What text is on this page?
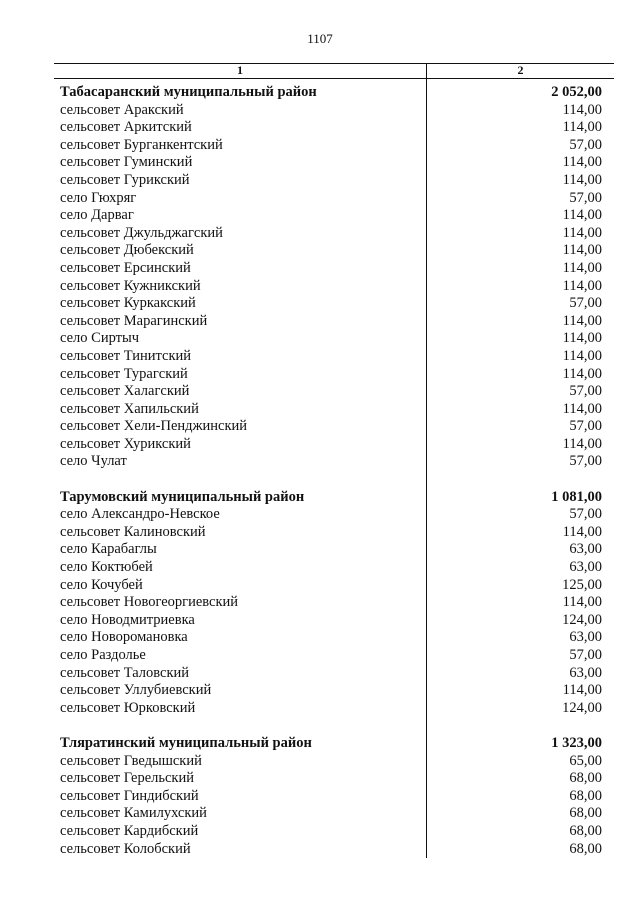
1107
1	2
Табасаранский муниципальный район	2 052,00
сельсовет Аракский	114,00
сельсовет Аркитский	114,00
сельсовет Бурганкентский	57,00
сельсовет Гуминский	114,00
сельсовет Гурикский	114,00
село Гюхряг	57,00
село Дарваг	114,00
сельсовет Джульджагский	114,00
сельсовет Дюбекский	114,00
сельсовет Ерсинский	114,00
сельсовет Кужникский	114,00
сельсовет Куркакский	57,00
сельсовет Марагинский	114,00
село Сиртыч	114,00
сельсовет Тинитский	114,00
сельсовет Турагский	114,00
сельсовет Халагский	57,00
сельсовет Хапильский	114,00
сельсовет Хели-Пенджинский	57,00
сельсовет Хурикский	114,00
село Чулат	57,00
Тарумовский муниципальный район	1 081,00
село Александро-Невское	57,00
сельсовет Калиновский	114,00
село Карабаглы	63,00
село Коктюбей	63,00
село Кочубей	125,00
сельсовет Новогеоргиевский	114,00
село Новодмитриевка	124,00
село Новоромановка	63,00
село Раздолье	57,00
сельсовет Таловский	63,00
сельсовет Уллубиевский	114,00
сельсовет Юрковский	124,00
Тляратинский муниципальный район	1 323,00
сельсовет Гведышский	65,00
сельсовет Герельский	68,00
сельсовет Гиндибский	68,00
сельсовет Камилухский	68,00
сельсовет Кардибский	68,00
сельсовет Колобский	68,00
